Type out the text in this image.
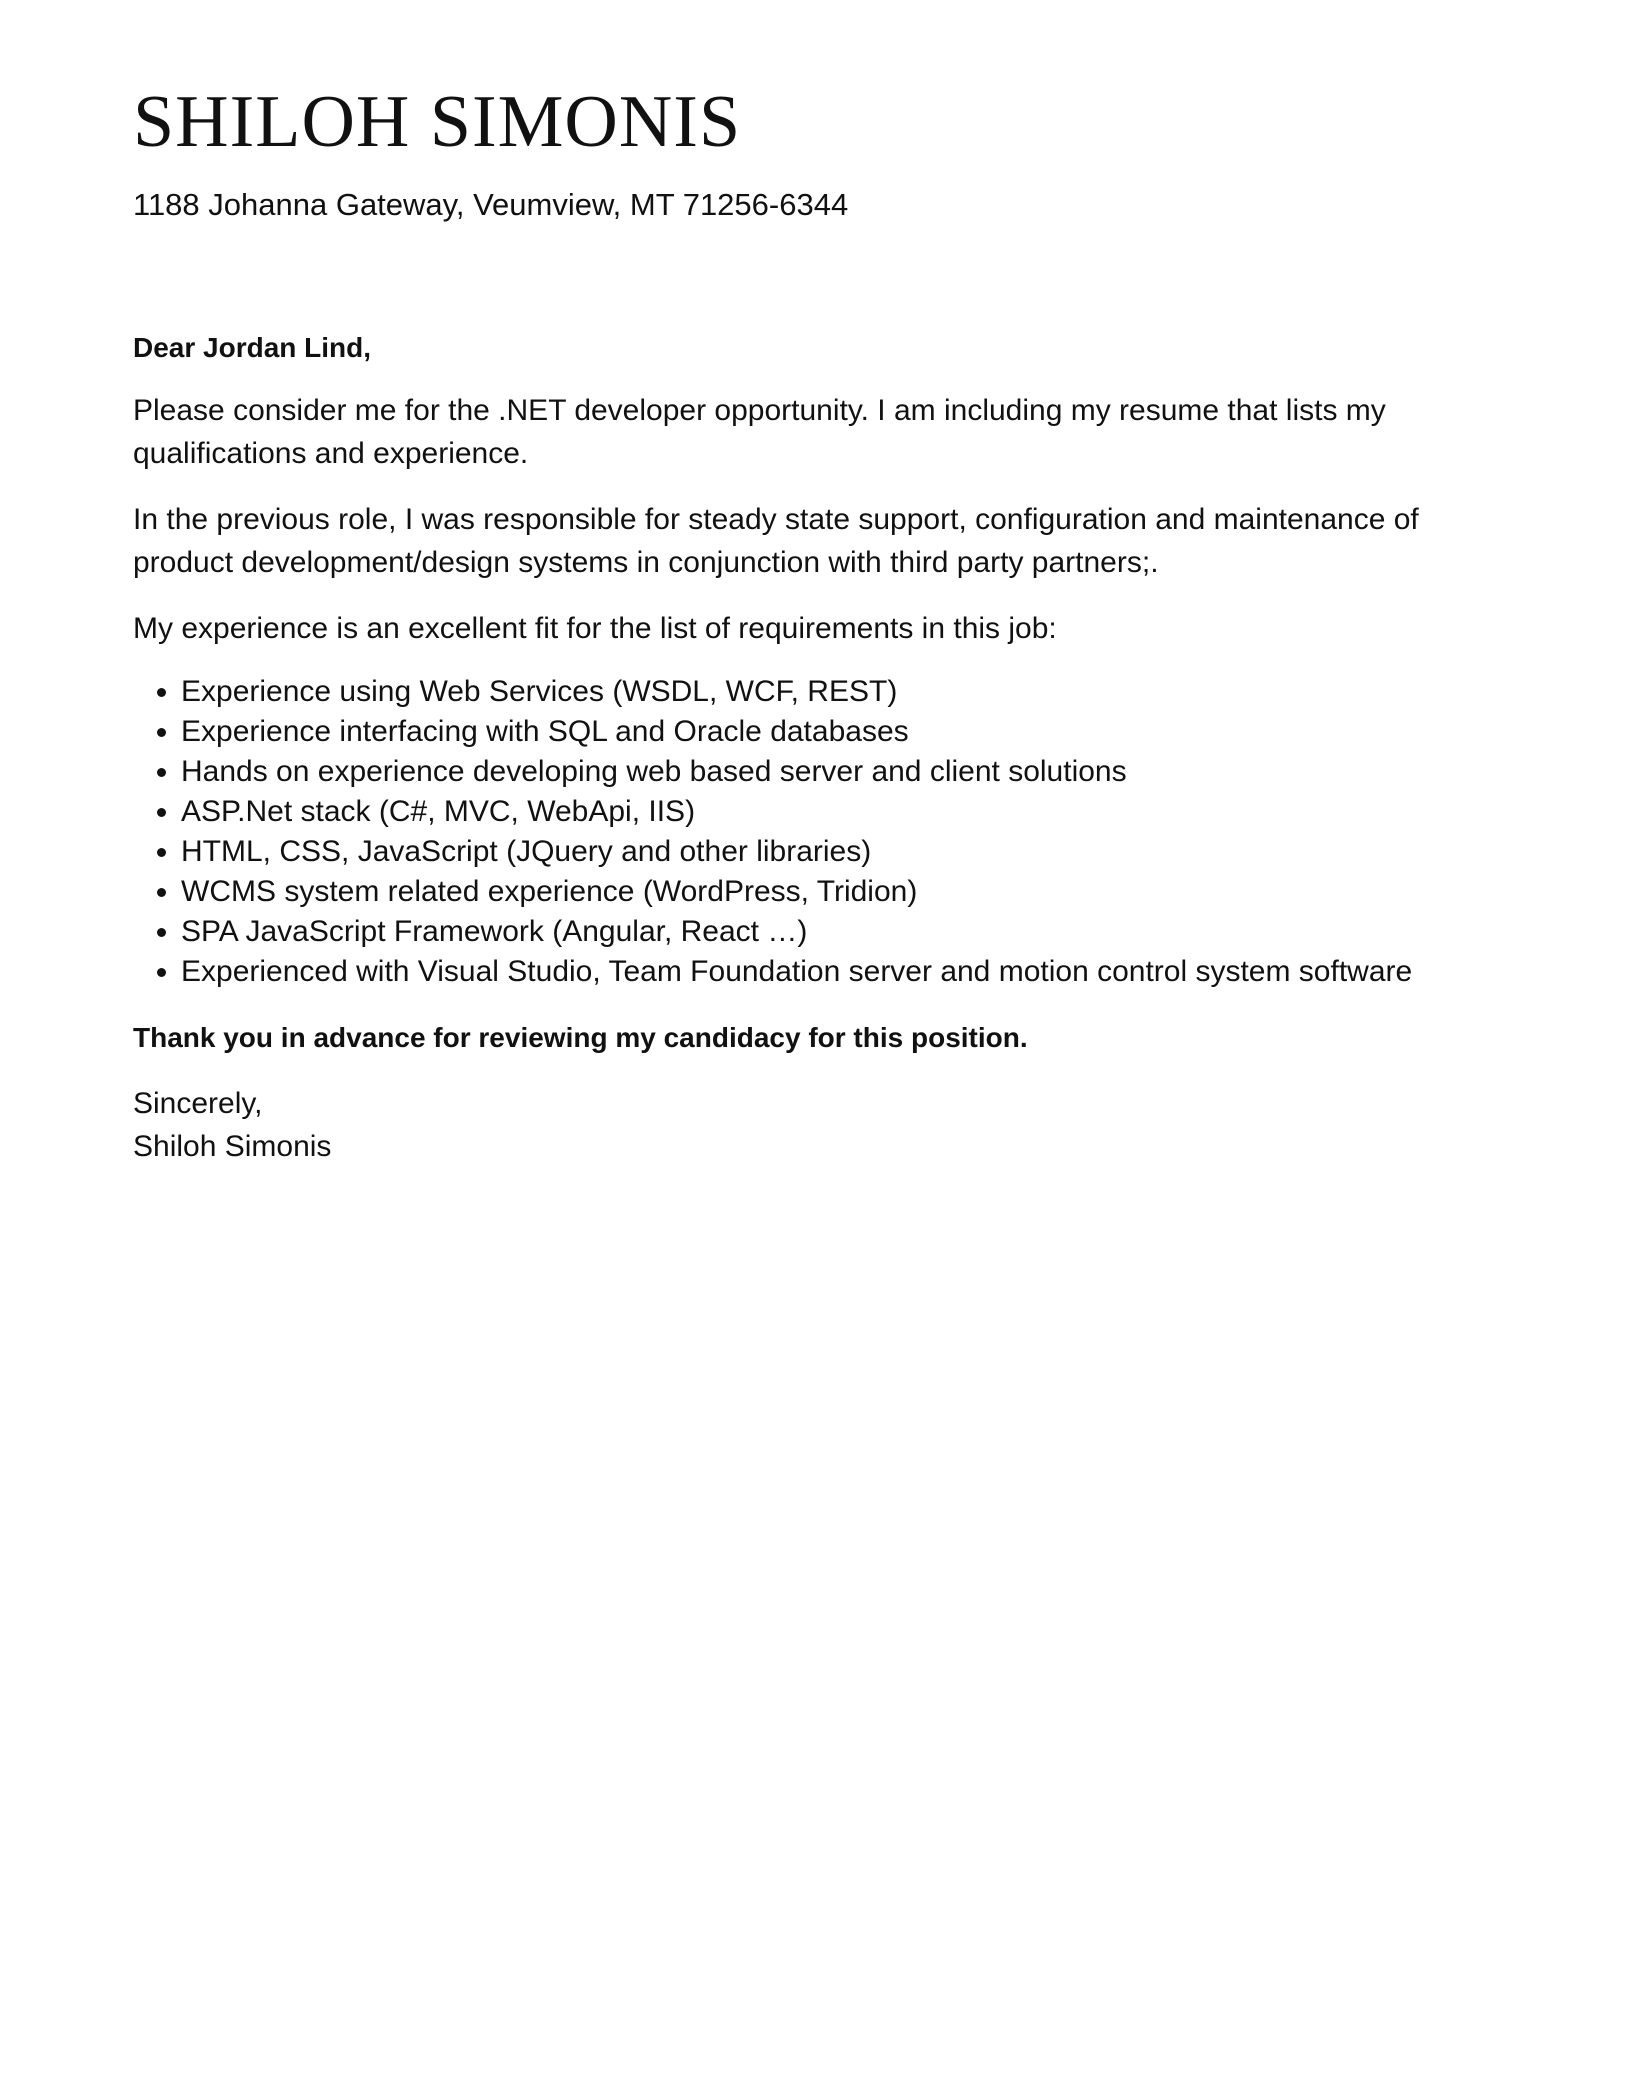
SHILOH SIMONIS

1188 Johanna Gateway, Veumview, MT 71256-6344

Dear Jordan Lind,

Please consider me for the .NET developer opportunity. I am including my resume that lists my qualifications and experience.

In the previous role, I was responsible for steady state support, configuration and maintenance of product development/design systems in conjunction with third party partners;.

My experience is an excellent fit for the list of requirements in this job:

• Experience using Web Services (WSDL, WCF, REST)
• Experience interfacing with SQL and Oracle databases
• Hands on experience developing web based server and client solutions
• ASP.Net stack (C#, MVC, WebApi, IIS)
• HTML, CSS, JavaScript (JQuery and other libraries)
• WCMS system related experience (WordPress, Tridion)
• SPA JavaScript Framework (Angular, React …)
• Experienced with Visual Studio, Team Foundation server and motion control system software

Thank you in advance for reviewing my candidacy for this position.

Sincerely,
Shiloh Simonis
